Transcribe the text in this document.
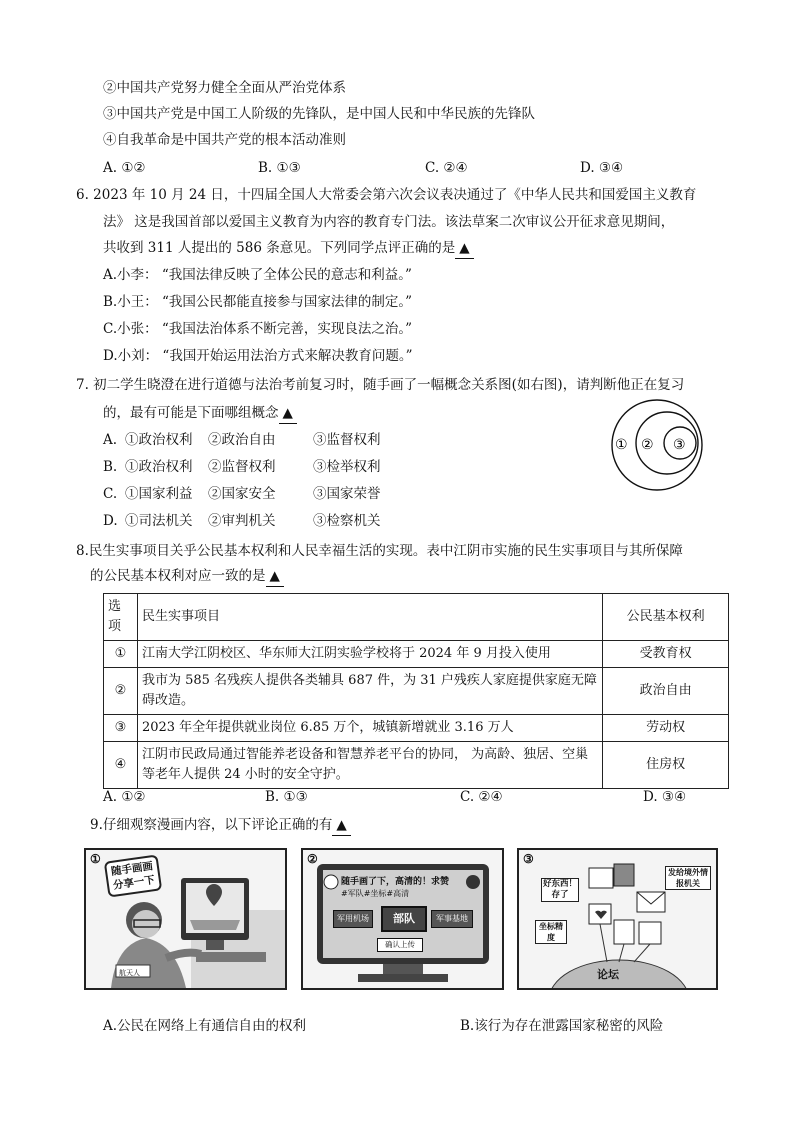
②中国共产党努力健全全面从严治党体系
③中国共产党是中国工人阶级的先锋队，是中国人民和中华民族的先锋队
④自我革命是中国共产党的根本活动准则
A. ①②	B. ①③	C. ②④	D. ③④
6. 2023 年 10 月 24 日，十四届全国人大常委会第六次会议表决通过了《中华人民共和国爱国主义教育
法》 这是我国首部以爱国主义教育为内容的教育专门法。该法草案二次审议公开征求意见期间，
共收到 311 人提出的 586 条意见。下列同学点评正确的是 ▲
A.小李： “我国法律反映了全体公民的意志和利益。”
B.小王： “我国公民都能直接参与国家法律的制定。”
C.小张： “我国法治体系不断完善，实现良法之治。”
D.小刘： “我国开始运用法治方式来解决教育问题。”
7. 初二学生晓澄在进行道德与法治考前复习时，随手画了一幅概念关系图(如右图)，请判断他正在复习
的，最有可能是下面哪组概念 ▲
A. ①政治权利 ②政治自由	③监督权利
B. ①政治权利 ②监督权利	③检举权利
C. ①国家利益 ②国家安全	③国家荣誉
D. ①司法机关 ②审判机关	③检察机关
① ② ③
8.民生实事项目关乎公民基本权利和人民幸福生活的实现。表中江阴市实施的民生实事项目与其所保障
的公民基本权利对应一致的是 ▲
选项	民生实事项目	公民基本权利
①	江南大学江阴校区、华东师大江阴实验学校将于 2024 年 9 月投入使用	受教育权
②	我市为 585 名残疾人提供各类辅具 687 件，为 31 户残疾人家庭提供家庭无障碍改造。	政治自由
③	2023 年全年提供就业岗位 6.85 万个，城镇新增就业 3.16 万人	劳动权
④	江阴市民政局通过智能养老设备和智慧养老平台的协同， 为高龄、独居、空巢等老年人提供 24 小时的安全守护。	住房权
A. ①②	B. ①③	C. ②④	D. ③④
9.仔细观察漫画内容，以下评论正确的有 ▲
①
随手画画 分享一下
航天人
②
随手画了下，高清的！求赞
#军队#坐标#高清
军用机场	部队	军事基地
确认上传
③
好东西！存了
发给境外情报机关
坐标精度
论坛
A.公民在网络上有通信自由的权利	B.该行为存在泄露国家秘密的风险
